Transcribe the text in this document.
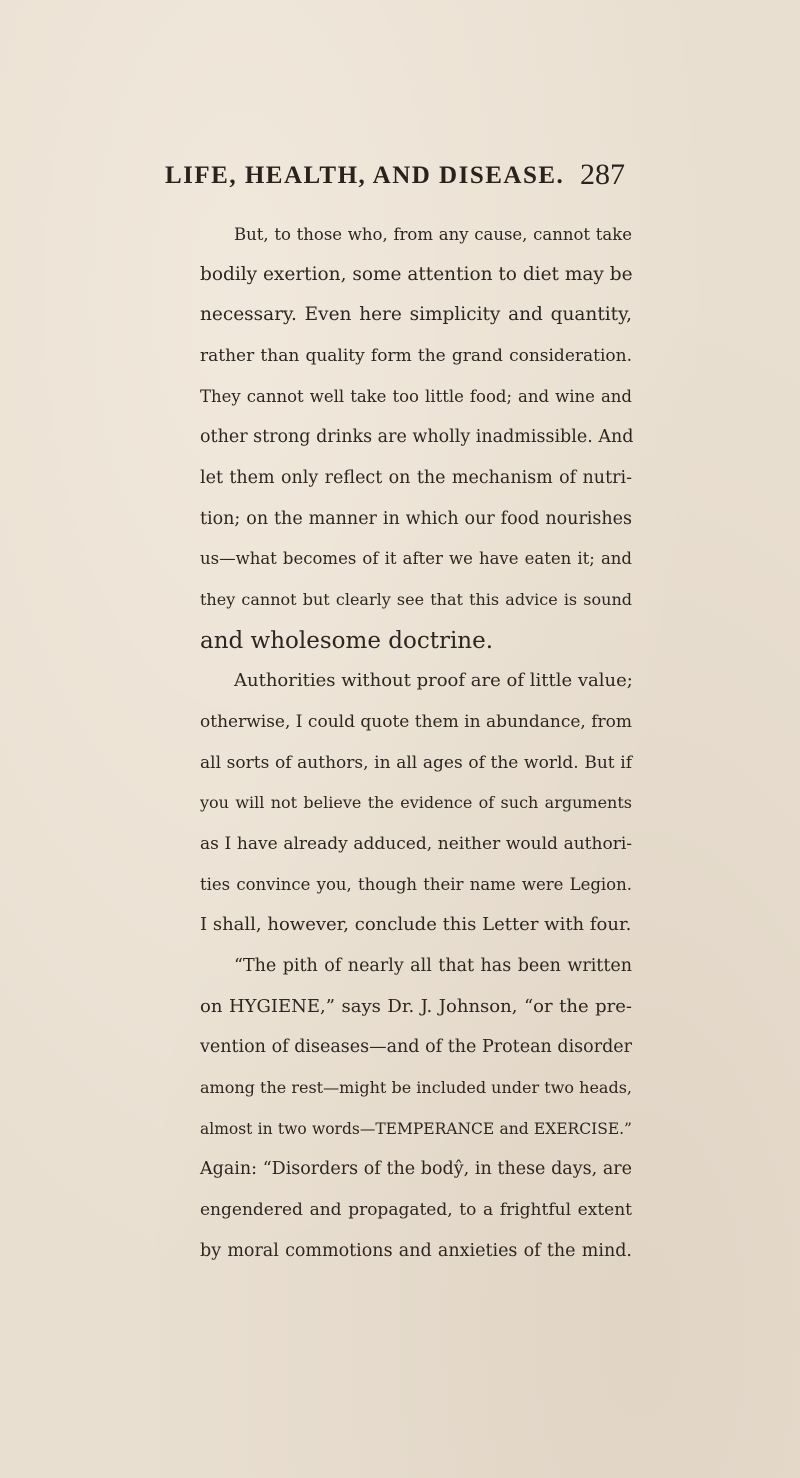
LIFE, HEALTH, AND DISEASE. 287
But, to those who, from any cause, cannot take
bodily exertion, some attention to diet may be
necessary. Even here simplicity and quantity,
rather than quality form the grand consideration.
They cannot well take too little food; and wine and
other strong drinks are wholly inadmissible. And
let them only reflect on the mechanism of nutri-
tion; on the manner in which our food nourishes
us—what becomes of it after we have eaten it; and
they cannot but clearly see that this advice is sound
and wholesome doctrine.
Authorities without proof are of little value;
otherwise, I could quote them in abundance, from
all sorts of authors, in all ages of the world. But if
you will not believe the evidence of such arguments
as I have already adduced, neither would authori-
ties convince you, though their name were Legion.
I shall, however, conclude this Letter with four.
“The pith of nearly all that has been written
on HYGIENE,” says Dr. J. Johnson, “or the pre-
vention of diseases—and of the Protean disorder
among the rest—might be included under two heads,
almost in two words—TEMPERANCE and EXERCISE.”
Again: “Disorders of the bodŷ, in these days, are
engendered and propagated, to a frightful extent
by moral commotions and anxieties of the mind.
